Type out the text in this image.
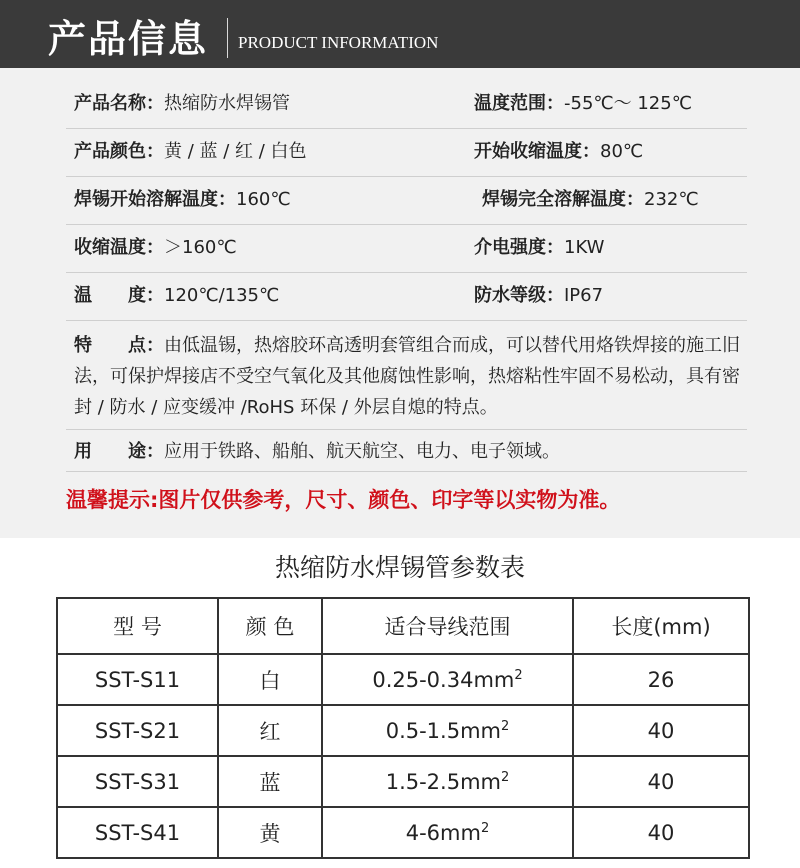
产品信息 PRODUCT INFORMATION
产品名称：热缩防水焊锡管	温度范围：-55℃～ 125℃
产品颜色：黄 / 蓝 / 红 / 白色	开始收缩温度：80℃
焊锡开始溶解温度：160℃	焊锡完全溶解温度：232℃
收缩温度：＞160℃	介电强度：1KW
温　　度：120℃/135℃	防水等级：IP67
特　　点：由低温锡，热熔胶环高透明套管组合而成，可以替代用烙铁焊接的施工旧法，可保护焊接店不受空气氧化及其他腐蚀性影响，热熔粘性牢固不易松动，具有密封 / 防水 / 应变缓冲 /RoHS 环保 / 外层自熄的特点。
用　　途：应用于铁路、船舶、航天航空、电力、电子领域。
温馨提示:图片仅供参考，尺寸、颜色、印字等以实物为准。
热缩防水焊锡管参数表
型 号	颜 色	适合导线范围	长度(mm)
SST-S11	白	$0.25-0.34mm^2$	26
SST-S21	红	$0.5-1.5mm^2$	40
SST-S31	蓝	$1.5-2.5mm^2$	40
SST-S41	黄	$4-6mm^2$	40
